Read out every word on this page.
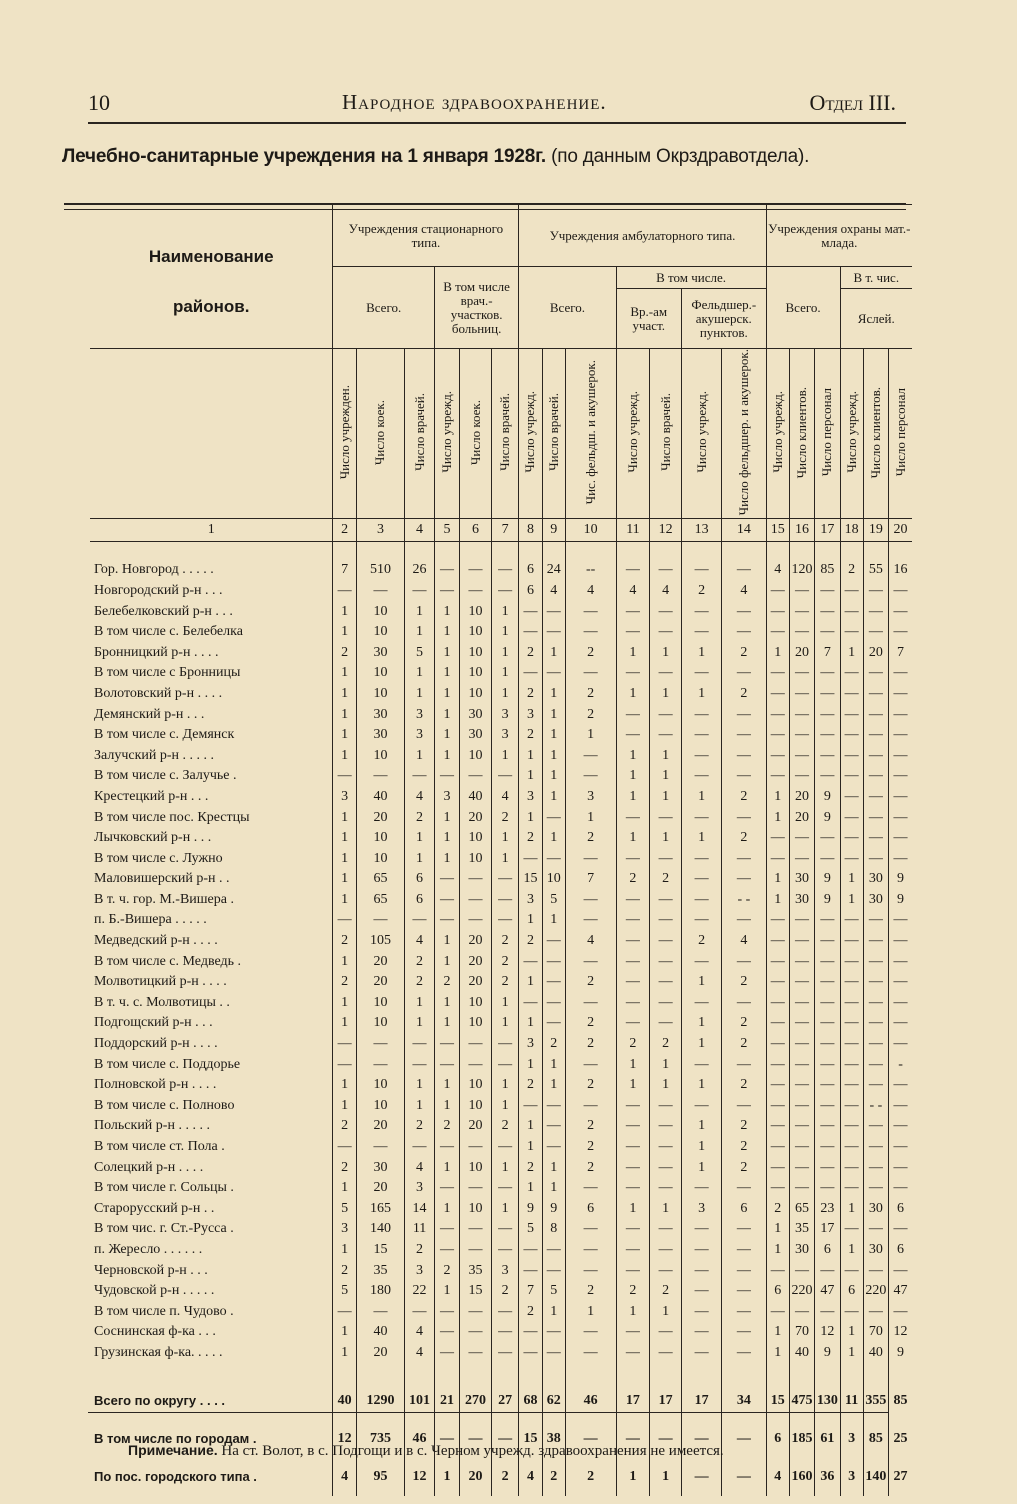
10	Народное здравоохранение.	Отдел III.
Лечебно-санитарные учреждения на 1 января 1928г. (по данным Окрздравотдела).
Наименование
районов.	Учреждения стационарного типа.						Учреждения амбулаторного типа.							Учреждения охраны мат.-млада.					
	Всего.			В том числе врач.-участков. больниц.			Всего.			В том числе.				Всего.			В т. чис.		
										Вр.-ам участ.		Фельдшер.-акушерск. пунктов.					Яслей.		
	Число учрежден.	Число коек.	Число врачей.	Число учрежд.	Число коек.	Число врачей.	Число учрежд.	Число врачей.	Чис. фельдш. и акушерок.	Число учрежд.	Число врачей.	Число учрежд.	Число фельдшер. и акушерок.	Число учрежд.	Число клиентов.	Число персонал	Число учрежд.	Число клиентов.	Число персонал
1	2	3	4	5	6	7	8	9	10	11	12	13	14	15	16	17	18	19	20

Гор. Новгород . . . . .	7	510	26	—	—	—	6	24	--	—	—	—	—	4	120	85	2	55	16
Новгородский р-н . . .	—	—	—	—	—	—	6	4	4	4	4	2	4	—	—	—	—	—	—
Белебелковский р-н . . .	1	10	1	1	10	1	—	—	—	—	—	—	—	—	—	—	—	—	—
В том числе с. Белебелка	1	10	1	1	10	1	—	—	—	—	—	—	—	—	—	—	—	—	—
Бронницкий р-н . . . .	2	30	5	1	10	1	2	1	2	1	1	1	2	1	20	7	1	20	7
В том числе с Бронницы	1	10	1	1	10	1	—	—	—	—	—	—	—	—	—	—	—	—	—
Волотовский р-н . . . .	1	10	1	1	10	1	2	1	2	1	1	1	2	—	—	—	—	—	—
Демянский р-н . . .	1	30	3	1	30	3	3	1	2	—	—	—	—	—	—	—	—	—	—
В том числе с. Демянск	1	30	3	1	30	3	2	1	1	—	—	—	—	—	—	—	—	—	—
Залучский р-н . . . . .	1	10	1	1	10	1	1	1	—	1	1	—	—	—	—	—	—	—	—
В том числе с. Залучье .	—	—	—	—	—	—	1	1	—	1	1	—	—	—	—	—	—	—	—
Крестецкий р-н . . .	3	40	4	3	40	4	3	1	3	1	1	1	2	1	20	9	—	—	—
В том числе пос. Крестцы	1	20	2	1	20	2	1	—	1	—	—	—	—	1	20	9	—	—	—
Лычковский р-н . . .	1	10	1	1	10	1	2	1	2	1	1	1	2	—	—	—	—	—	—
В том числе с. Лужно	1	10	1	1	10	1	—	—	—	—	—	—	—	—	—	—	—	—	—
Маловишерский р-н . .	1	65	6	—	—	—	15	10	7	2	2	—	—	1	30	9	1	30	9
В т. ч. гор. М.-Вишера .	1	65	6	—	—	—	3	5	—	—	—	—	- -	1	30	9	1	30	9
п. Б.-Вишера . . . . .	—	—	—	—	—	—	1	1	—	—	—	—	—	—	—	—	—	—	—
Медведский р-н . . . .	2	105	4	1	20	2	2	—	4	—	—	2	4	—	—	—	—	—	—
В том числе с. Медведь .	1	20	2	1	20	2	—	—	—	—	—	—	—	—	—	—	—	—	—
Молвотицкий р-н . . . .	2	20	2	2	20	2	1	—	2	—	—	1	2	—	—	—	—	—	—
В т. ч. с. Молвотицы . .	1	10	1	1	10	1	—	—	—	—	—	—	—	—	—	—	—	—	—
Подгощский р-н . . .	1	10	1	1	10	1	1	—	2	—	—	1	2	—	—	—	—	—	—
Поддорский р-н . . . .	—	—	—	—	—	—	3	2	2	2	2	1	2	—	—	—	—	—	—
В том числе с. Поддорье	—	—	—	—	—	—	1	1	—	1	1	—	—	—	—	—	—	—	-
Полновской р-н . . . .	1	10	1	1	10	1	2	1	2	1	1	1	2	—	—	—	—	—	—
В том числе с. Полново	1	10	1	1	10	1	—	—	—	—	—	—	—	—	—	—	—	- -	—
Польский р-н . . . . .	2	20	2	2	20	2	1	—	2	—	—	1	2	—	—	—	—	—	—
В том числе ст. Пола .	—	—	—	—	—	—	1	—	2	—	—	1	2	—	—	—	—	—	—
Солецкий р-н . . . .	2	30	4	1	10	1	2	1	2	—	—	1	2	—	—	—	—	—	—
В том числе г. Сольцы .	1	20	3	—	—	—	1	1	—	—	—	—	—	—	—	—	—	—	—
Старорусский р-н . .	5	165	14	1	10	1	9	9	6	1	1	3	6	2	65	23	1	30	6
В том чис. г. Ст.-Русса .	3	140	11	—	—	—	5	8	—	—	—	—	—	1	35	17	—	—	—
п. Жересло . . . . . .	1	15	2	—	—	—	—	—	—	—	—	—	—	1	30	6	1	30	6
Черновской р-н . . .	2	35	3	2	35	3	—	—	—	—	—	—	—	—	—	—	—	—	—
Чудовской р-н . . . . .	5	180	22	1	15	2	7	5	2	2	2	—	—	6	220	47	6	220	47
В том числе п. Чудово .	—	—	—	—	—	—	2	1	1	1	1	—	—	—	—	—	—	—	—
Соснинская ф-ка . . .	1	40	4	—	—	—	—	—	—	—	—	—	—	1	70	12	1	70	12
Грузинская ф-ка. . . . .	1	20	4	—	—	—	—	—	—	—	—	—	—	1	40	9	1	40	9

Всего по округу . . . .	40	1290	101	21	270	27	68	62	46	17	17	17	34	15	475	130	11	355	85
В том числе по городам .	12	735	46	—	—	—	15	38	—	—	—	—	—	6	185	61	3	85	25
По пос. городского типа .	4	95	12	1	20	2	4	2	2	1	1	—	—	4	160	36	3	140	27
Примечание. На ст. Волот, в с. Подгощи и в с. Черном учрежд. здравоохранения не имеется.
